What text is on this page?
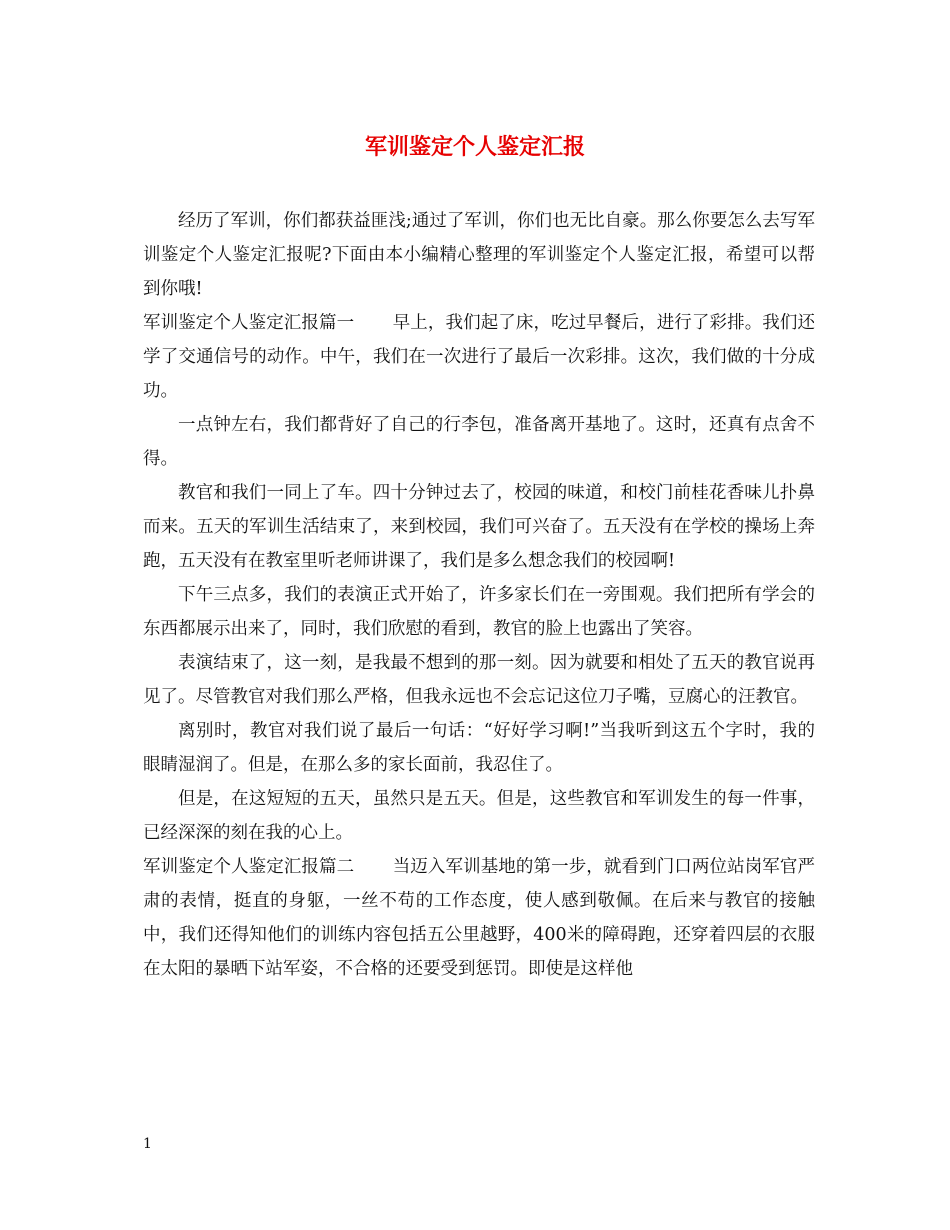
军训鉴定个人鉴定汇报

经历了军训，你们都获益匪浅;通过了军训，你们也无比自豪。那么你要怎么去写军训鉴定个人鉴定汇报呢?下面由本小编精心整理的军训鉴定个人鉴定汇报，希望可以帮到你哦!

军训鉴定个人鉴定汇报篇一 早上，我们起了床，吃过早餐后，进行了彩排。我们还学了交通信号的动作。中午，我们在一次进行了最后一次彩排。这次，我们做的十分成功。

一点钟左右，我们都背好了自己的行李包，准备离开基地了。这时，还真有点舍不得。

教官和我们一同上了车。四十分钟过去了，校园的味道，和校门前桂花香味儿扑鼻而来。五天的军训生活结束了，来到校园，我们可兴奋了。五天没有在学校的操场上奔跑，五天没有在教室里听老师讲课了，我们是多么想念我们的校园啊!

下午三点多，我们的表演正式开始了，许多家长们在一旁围观。我们把所有学会的东西都展示出来了，同时，我们欣慰的看到，教官的脸上也露出了笑容。

表演结束了，这一刻，是我最不想到的那一刻。因为就要和相处了五天的教官说再见了。尽管教官对我们那么严格，但我永远也不会忘记这位刀子嘴，豆腐心的汪教官。

离别时，教官对我们说了最后一句话：“好好学习啊!”当我听到这五个字时，我的眼睛湿润了。但是，在那么多的家长面前，我忍住了。

但是，在这短短的五天，虽然只是五天。但是，这些教官和军训发生的每一件事，已经深深的刻在我的心上。

军训鉴定个人鉴定汇报篇二 当迈入军训基地的第一步，就看到门口两位站岗军官严肃的表情，挺直的身躯，一丝不苟的工作态度，使人感到敬佩。在后来与教官的接触中，我们还得知他们的训练内容包括五公里越野，400米的障碍跑，还穿着四层的衣服在太阳的暴晒下站军姿，不合格的还要受到惩罚。即使是这样他

1
